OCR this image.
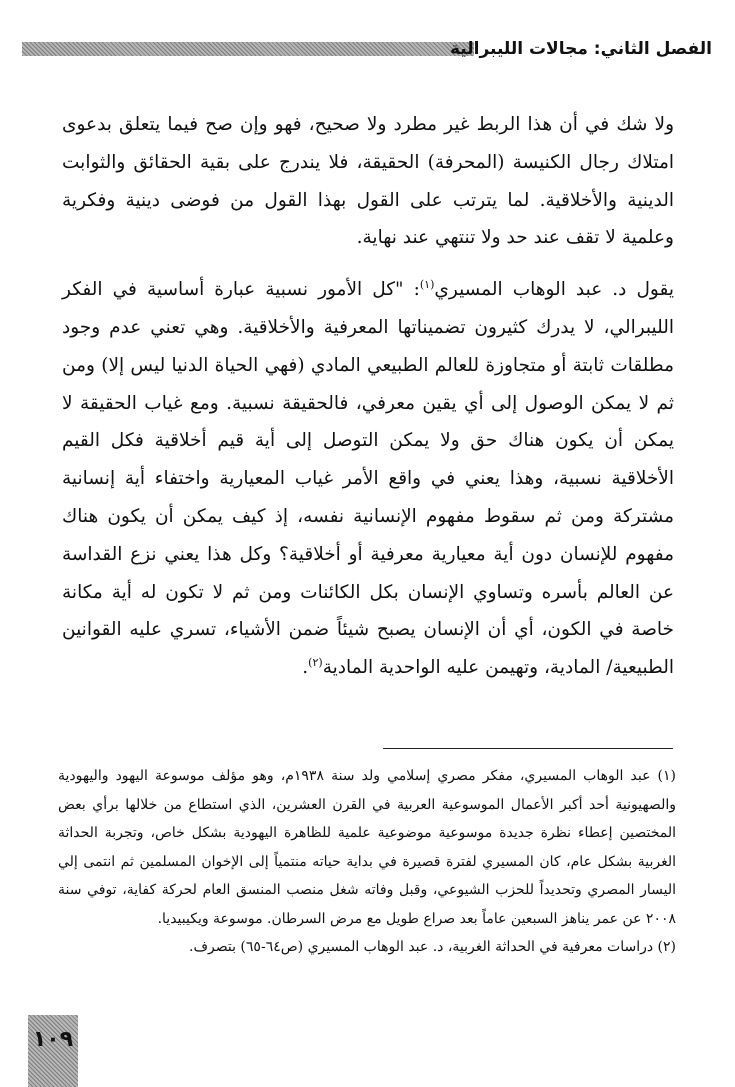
الفصل الثاني: مجالات الليبرالية

ولا شك في أن هذا الربط غير مطرد ولا صحيح، فهو وإن صح فيما يتعلق بدعوى امتلاك رجال الكنيسة (المحرفة) الحقيقة، فلا يندرج على بقية الحقائق والثوابت الدينية والأخلاقية. لما يترتب على القول بهذا القول من فوضى دينية وفكرية وعلمية لا تقف عند حد ولا تنتهي عند نهاية.

يقول د. عبد الوهاب المسيري$^{(١)}$: "كل الأمور نسبية عبارة أساسية في الفكر الليبرالي، لا يدرك كثيرون تضميناتها المعرفية والأخلاقية. وهي تعني عدم وجود مطلقات ثابتة أو متجاوزة للعالم الطبيعي المادي (فهي الحياة الدنيا ليس إلا) ومن ثم لا يمكن الوصول إلى أي يقين معرفي، فالحقيقة نسبية. ومع غياب الحقيقة لا يمكن أن يكون هناك حق ولا يمكن التوصل إلى أية قيم أخلاقية فكل القيم الأخلاقية نسبية، وهذا يعني في واقع الأمر غياب المعيارية واختفاء أية إنسانية مشتركة ومن ثم سقوط مفهوم الإنسانية نفسه، إذ كيف يمكن أن يكون هناك مفهوم للإنسان دون أية معيارية معرفية أو أخلاقية؟ وكل هذا يعني نزع القداسة عن العالم بأسره وتساوي الإنسان بكل الكائنات ومن ثم لا تكون له أية مكانة خاصة في الكون، أي أن الإنسان يصبح شيئاً ضمن الأشياء، تسري عليه القوانين الطبيعية/ المادية، وتهيمن عليه الواحدية المادية$^{(٢)}$.

(١) عبد الوهاب المسيري، مفكر مصري إسلامي ولد سنة ١٩٣٨م، وهو مؤلف موسوعة اليهود واليهودية والصهيونية أحد أكبر الأعمال الموسوعية العربية في القرن العشرين، الذي استطاع من خلالها برأي بعض المختصين إعطاء نظرة جديدة موسوعية موضوعية علمية للظاهرة اليهودية بشكل خاص، وتجربة الحداثة الغربية بشكل عام، كان المسيري لفترة قصيرة في بداية حياته منتمياً إلى الإخوان المسلمين ثم انتمى إلي اليسار المصري وتحديداً للحزب الشيوعي، وقبل وفاته شغل منصب المنسق العام لحركة كفاية، توفي سنة ٢٠٠٨ عن عمر يناهز السبعين عاماً بعد صراع طويل مع مرض السرطان. موسوعة ويكيبيديا.

(٢) دراسات معرفية في الحداثة الغربية، د. عبد الوهاب المسيري (ص٦٤-٦٥) بتصرف.

١٠٩
